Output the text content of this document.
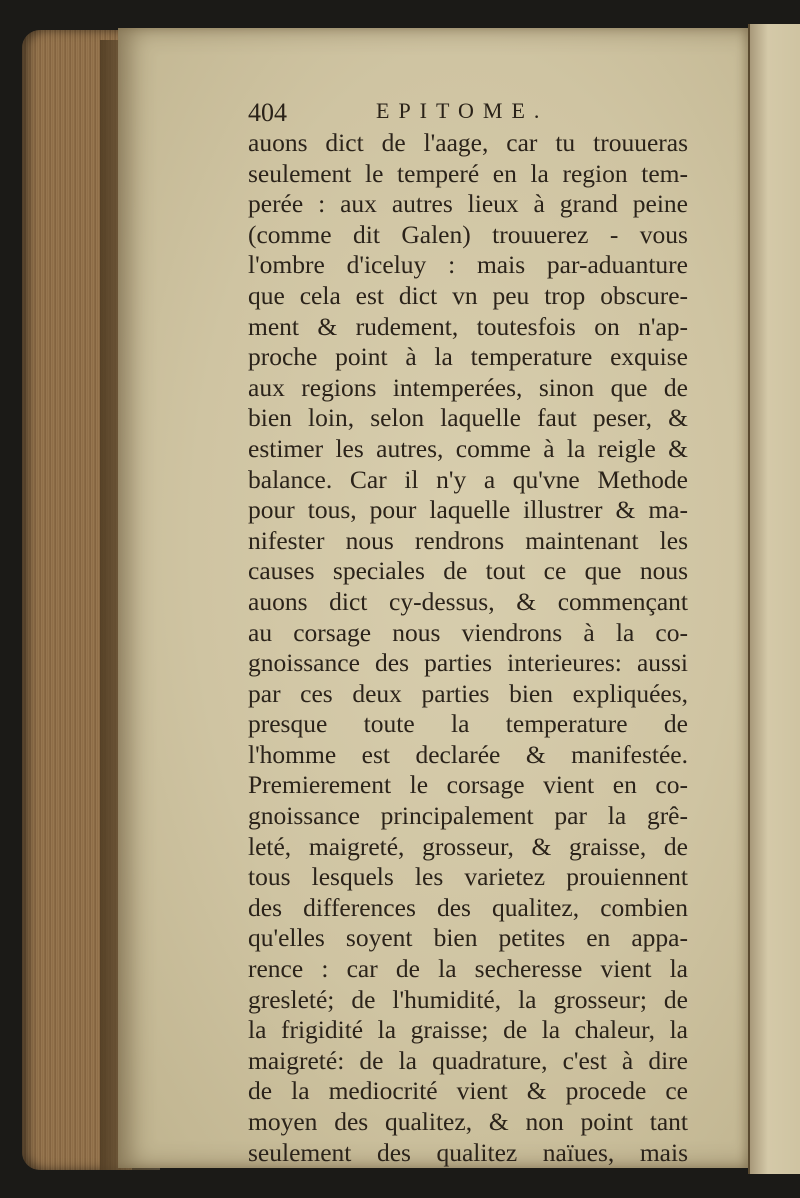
404	EPITOME.
auons dict de l'aage, car tu trouueras
seulement le temperé en la region tem-
perée : aux autres lieux à grand peine
(comme dit Galen) trouuerez - vous
l'ombre d'iceluy : mais par-aduanture
que cela est dict vn peu trop obscure-
ment & rudement, toutesfois on n'ap-
proche point à la temperature exquise
aux regions intemperées, sinon que de
bien loin, selon laquelle faut peser, &
estimer les autres, comme à la reigle &
balance. Car il n'y a qu'vne Methode
pour tous, pour laquelle illustrer & ma-
nifester nous rendrons maintenant les
causes speciales de tout ce que nous
auons dict cy-dessus, & commençant
au corsage nous viendrons à la co-
gnoissance des parties interieures: aussi
par ces deux parties bien expliquées,
presque toute la temperature de
l'homme est declarée & manifestée.
Premierement le corsage vient en co-
gnoissance principalement par la grê-
leté, maigreté, grosseur, & graisse, de
tous lesquels les varietez prouiennent
des differences des qualitez, combien
qu'elles soyent bien petites en appa-
rence : car de la secheresse vient la
gresleté; de l'humidité, la grosseur; de
la frigidité la graisse; de la chaleur, la
maigreté: de la quadrature, c'est à dire
de la mediocrité vient & procede ce
moyen des qualitez, & non point tant
seulement des qualitez naïues, mais
